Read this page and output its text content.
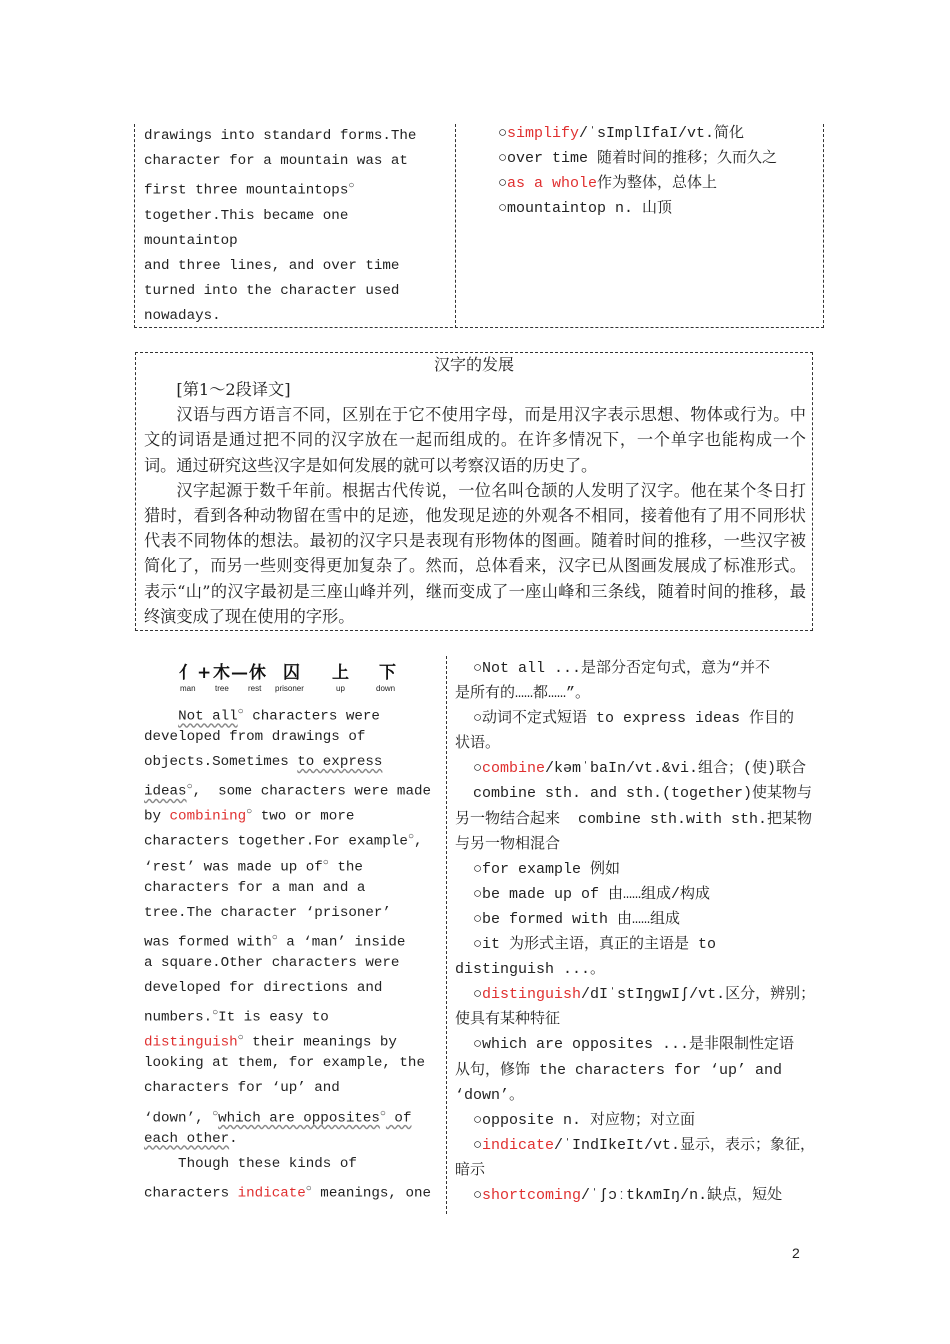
drawings into standard forms.The
character for a mountain was at
first three mountaintops○
together.This became one mountaintop
and three lines, and over time
turned into the character used
nowadays.
○simplify/ˈsImplIfaI/vt.简化
○over time 随着时间的推移；久而久之
○as a whole作为整体，总体上
○mountaintop n. 山顶
汉字的发展

[第1～2段译文]

汉语与西方语言不同，区别在于它不使用字母，而是用汉字表示思想、物体或行为。中文的词语是通过把不同的汉字放在一起而组成的。在许多情况下，一个单字也能构成一个词。通过研究这些汉字是如何发展的就可以考察汉语的历史了。

汉字起源于数千年前。根据古代传说，一位名叫仓颉的人发明了汉字。他在某个冬日打猎时，看到各种动物留在雪中的足迹，他发现足迹的外观各不相同，接着他有了用不同形状代表不同物体的想法。最初的汉字只是表现有形物体的图画。随着时间的推移，一些汉字被简化了，而另一些则变得更加复杂了。然而，总体看来，汉字已从图画发展成了标准形式。表示“山”的汉字最初是三座山峰并列，继而变成了一座山峰和三条线，随着时间的推移，最终演变成了现在使用的字形。

亻 + 木 — 休 囚 上 下
man tree rest prisoner	up	down
Not all○ characters were
developed from drawings of
objects.Sometimes to express
ideas○,  some characters were made
by combining○ two or more
characters together.For example○,
‘rest’ was made up of○ the
characters for a man and a
tree.The character ‘prisoner’
was formed with○ a ‘man’ inside
a square.Other characters were
developed for directions and
numbers.○It is easy to
distinguish○ their meanings by
looking at them, for example, the
characters for ‘up’ and
‘down’, ○which are opposites○ of
each other.
Though these kinds of
characters indicate○ meanings, one
○Not all ...是部分否定句式，意为“并不
是所有的……都……”。
○动词不定式短语 to express ideas 作目的
状语。
○combine/kəmˈbaIn/vt.&vi.组合；(使)联合
combine sth. and sth.(together)使某物与
另一物结合起来  combine sth.with sth.把某物
与另一物相混合
○for example 例如
○be made up of 由……组成/构成
○be formed with 由……组成
○it 为形式主语，真正的主语是 to
distinguish ...。
○distinguish/dIˈstIŋgwIʃ/vt.区分，辨别；
使具有某种特征
○which are opposites ...是非限制性定语
从句，修饰 the characters for ‘up’ and
‘down’。
○opposite n. 对应物；对立面
○indicate/ˈIndIkeIt/vt.显示，表示；象征，
暗示
○shortcoming/ˈʃɔːtkʌmIŋ/n.缺点，短处
2
